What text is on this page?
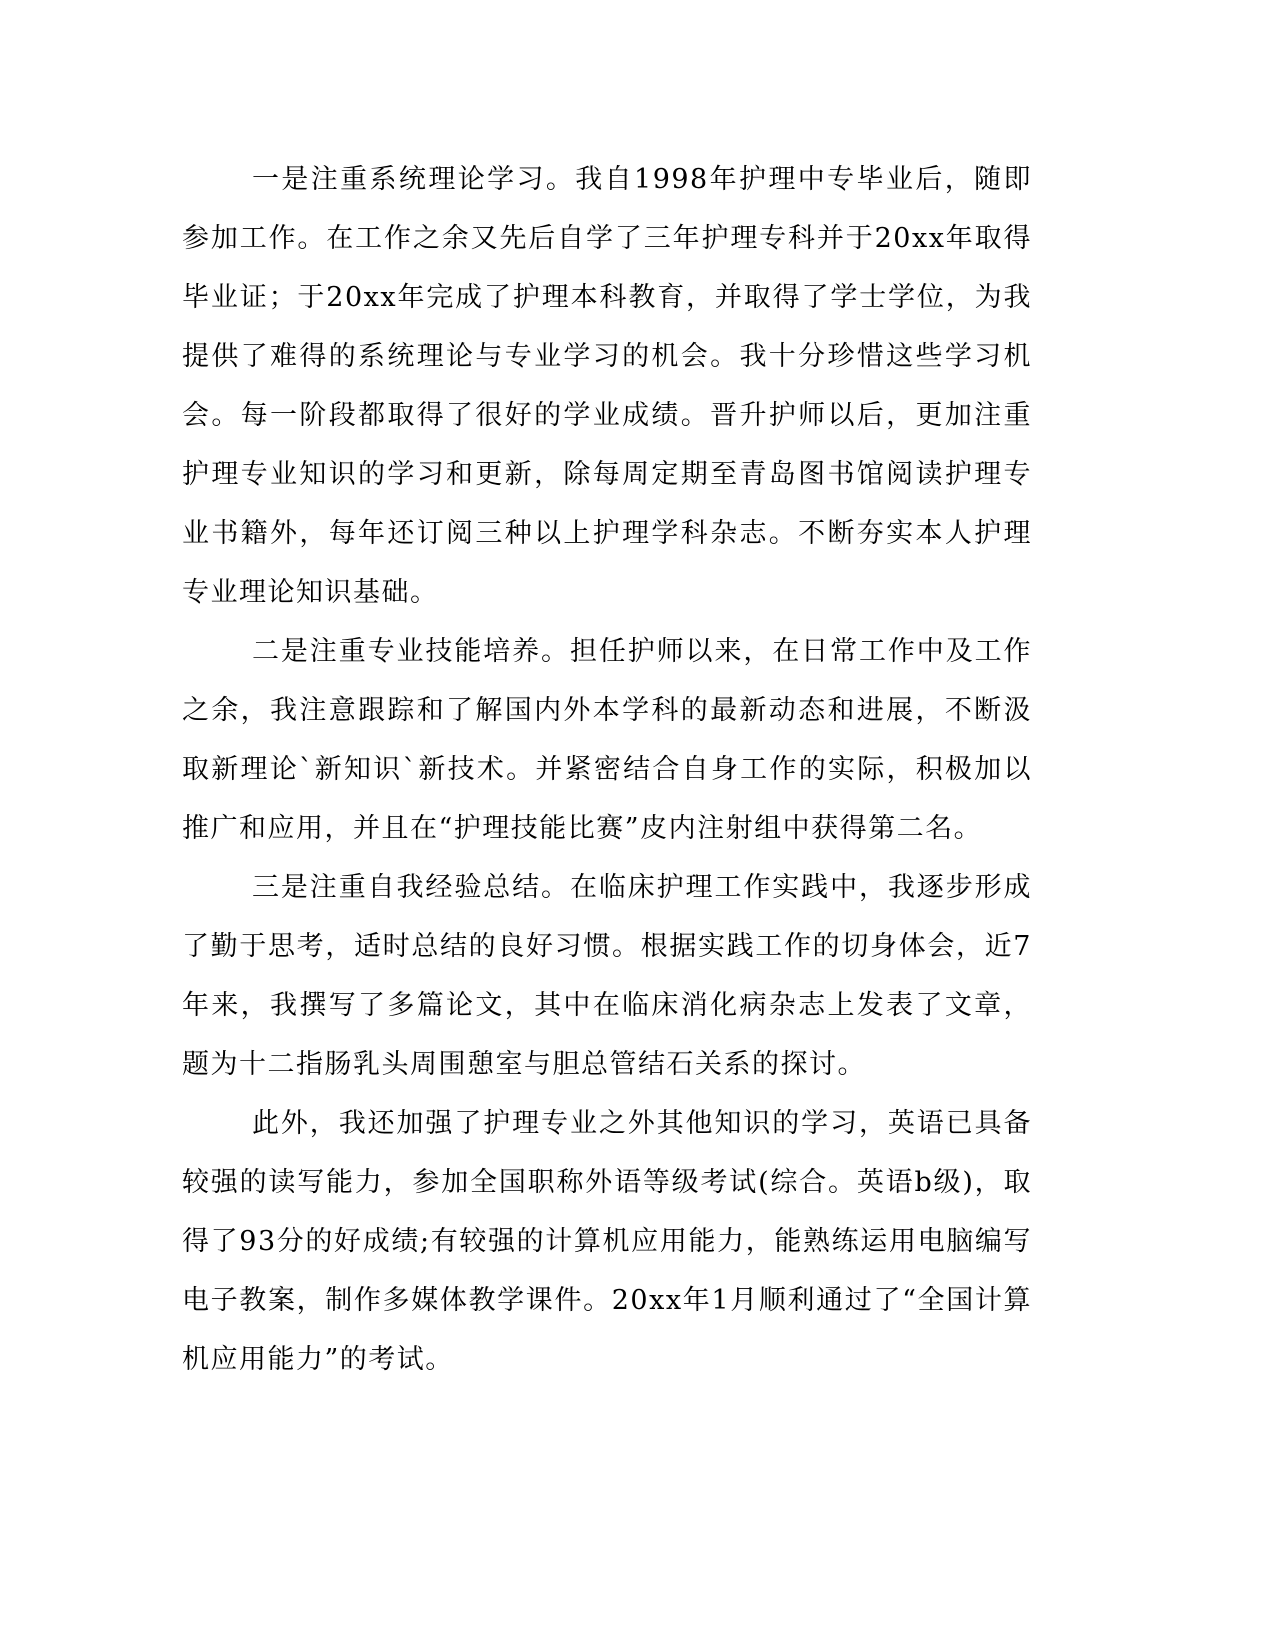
一是注重系统理论学习。我自1998年护理中专毕业后，随即参加工作。在工作之余又先后自学了三年护理专科并于20xx年取得毕业证；于20xx年完成了护理本科教育，并取得了学士学位，为我提供了难得的系统理论与专业学习的机会。我十分珍惜这些学习机会。每一阶段都取得了很好的学业成绩。晋升护师以后，更加注重护理专业知识的学习和更新，除每周定期至青岛图书馆阅读护理专业书籍外，每年还订阅三种以上护理学科杂志。不断夯实本人护理专业理论知识基础。

二是注重专业技能培养。担任护师以来，在日常工作中及工作之余，我注意跟踪和了解国内外本学科的最新动态和进展，不断汲取新理论`新知识`新技术。并紧密结合自身工作的实际，积极加以推广和应用，并且在“护理技能比赛”皮内注射组中获得第二名。

三是注重自我经验总结。在临床护理工作实践中，我逐步形成了勤于思考，适时总结的良好习惯。根据实践工作的切身体会，近7年来，我撰写了多篇论文，其中在临床消化病杂志上发表了文章，题为十二指肠乳头周围憩室与胆总管结石关系的探讨。

此外，我还加强了护理专业之外其他知识的学习，英语已具备较强的读写能力，参加全国职称外语等级考试(综合。英语b级)，取得了93分的好成绩;有较强的计算机应用能力，能熟练运用电脑编写电子教案，制作多媒体教学课件。20xx年1月顺利通过了“全国计算机应用能力”的考试。
